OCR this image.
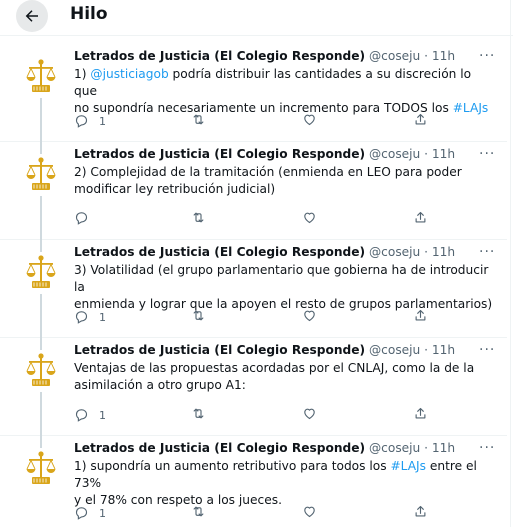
Hilo
Letrados de Justicia (El Colegio Responde) @coseju · 11h ···
1) @justiciagob podría distribuir las cantidades a su discreción lo que
no supondría necesariamente un incremento para TODOS los #LAJs
1
Letrados de Justicia (El Colegio Responde) @coseju · 11h ···
2) Complejidad de la tramitación (enmienda en LEO para poder
modificar ley retribución judicial)
Letrados de Justicia (El Colegio Responde) @coseju · 11h ···
3) Volatilidad (el grupo parlamentario que gobierna ha de introducir la
enmienda y lograr que la apoyen el resto de grupos parlamentarios)
1
Letrados de Justicia (El Colegio Responde) @coseju · 11h ···
Ventajas de las propuestas acordadas por el CNLAJ, como la de la
asimilación a otro grupo A1:
1
Letrados de Justicia (El Colegio Responde) @coseju · 11h ···
1) supondría un aumento retributivo para todos los #LAJs entre el 73%
y el 78% con respeto a los jueces.
1
